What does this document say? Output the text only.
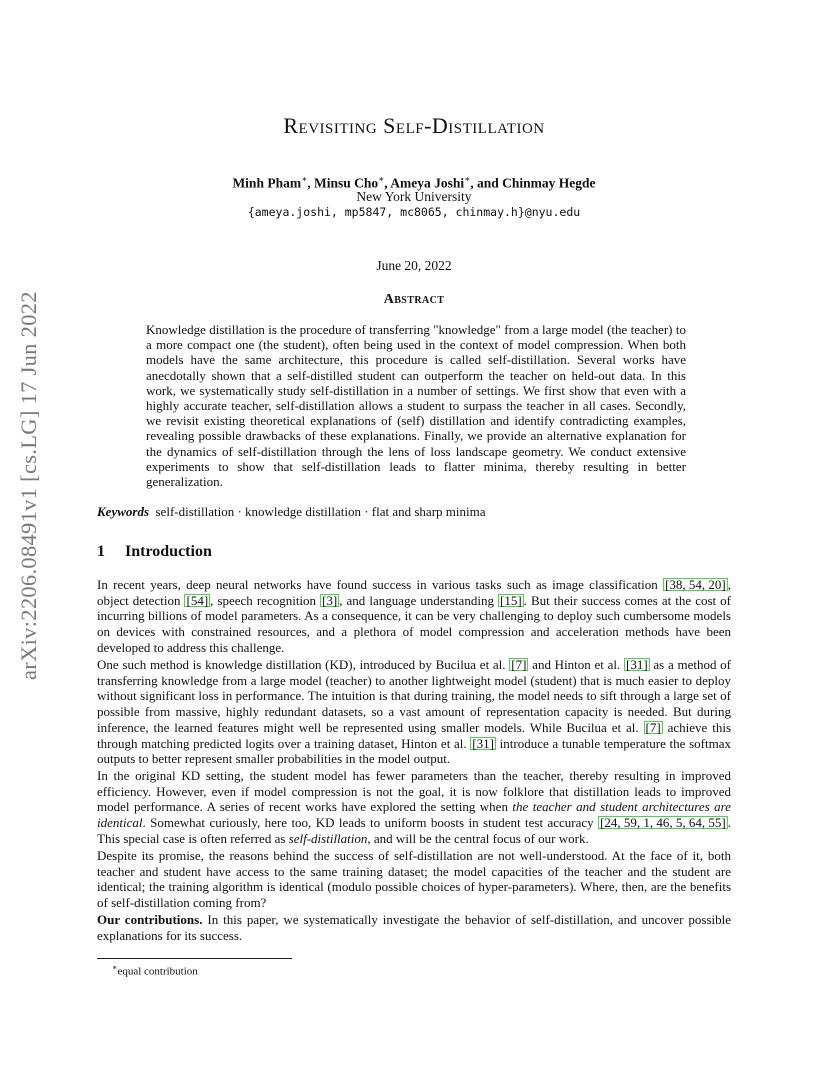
arXiv:2206.08491v1 [cs.LG] 17 Jun 2022
Revisiting Self-Distillation
Minh Pham∗, Minsu Cho∗, Ameya Joshi∗, and Chinmay Hegde
New York University
{ameya.joshi, mp5847, mc8065, chinmay.h}@nyu.edu
June 20, 2022
Abstract

Knowledge distillation is the procedure of transferring "knowledge" from a large model (the teacher) to a more compact one (the student), often being used in the context of model compression. When both models have the same architecture, this procedure is called self-distillation. Several works have anecdotally shown that a self-distilled student can outperform the teacher on held-out data. In this work, we systematically study self-distillation in a number of settings. We first show that even with a highly accurate teacher, self-distillation allows a student to surpass the teacher in all cases. Secondly, we revisit existing theoretical explanations of (self) distillation and identify contradicting examples, revealing possible drawbacks of these explanations. Finally, we provide an alternative explanation for the dynamics of self-distillation through the lens of loss landscape geometry. We conduct extensive experiments to show that self-distillation leads to flatter minima, thereby resulting in better generalization.

Keywords self-distillation · knowledge distillation · flat and sharp minima
1 Introduction

In recent years, deep neural networks have found success in various tasks such as image classification [38, 54, 20] , object detection [54] , speech recognition [3] , and language understanding [15] . But their success comes at the cost of incurring billions of model parameters. As a consequence, it can be very challenging to deploy such cumbersome models on devices with constrained resources, and a plethora of model compression and acceleration methods have been developed to address this challenge.

One such method is knowledge distillation (KD), introduced by Bucilua et al. [7] and Hinton et al. [31] as a method of transferring knowledge from a large model (teacher) to another lightweight model (student) that is much easier to deploy without significant loss in performance. The intuition is that during training, the model needs to sift through a large set of possible from massive, highly redundant datasets, so a vast amount of representation capacity is needed. But during inference, the learned features might well be represented using smaller models. While Bucilua et al. [7] achieve this through matching predicted logits over a training dataset, Hinton et al. [31] introduce a tunable temperature the softmax outputs to better represent smaller probabilities in the model output.

In the original KD setting, the student model has fewer parameters than the teacher, thereby resulting in improved efficiency. However, even if model compression is not the goal, it is now folklore that distillation leads to improved model performance. A series of recent works have explored the setting when the teacher and student architectures are identical. Somewhat curiously, here too, KD leads to uniform boosts in student test accuracy [24, 59, 1, 46, 5, 64, 55] . This special case is often referred as self-distillation, and will be the central focus of our work.

Despite its promise, the reasons behind the success of self-distillation are not well-understood. At the face of it, both teacher and student have access to the same training dataset; the model capacities of the teacher and the student are identical; the training algorithm is identical (modulo possible choices of hyper-parameters). Where, then, are the benefits of self-distillation coming from?

Our contributions. In this paper, we systematically investigate the behavior of self-distillation, and uncover possible explanations for its success.

∗equal contribution
